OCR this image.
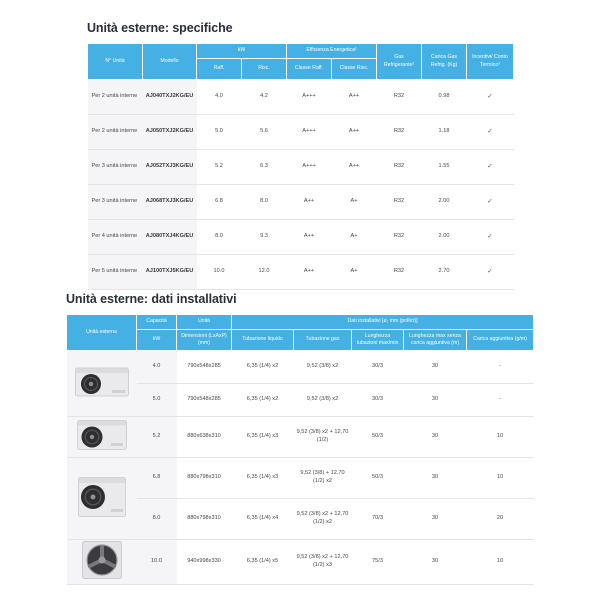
Unità esterne: specifiche
N° Unità	Modello	kW		Efficienza Energetica¹		Gas Refrigerante²	Carica Gas Refrig. (Kg)	Incentivi/ Conto Termico³
		Raff.	Risc.	Classe Raff.	Classe Risc.			
Per 2 unità interne	AJ040TXJ2KG/EU	4.0	4.2	A+++	A++	R32	0.98	✓
Per 2 unità interne	AJ050TXJ2KG/EU	5.0	5.6	A+++	A++	R32	1.18	✓
Per 3 unità interne	AJ052TXJ3KG/EU	5.2	6.3	A+++	A++	R32	1.55	✓
Per 3 unità interne	AJ068TXJ3KG/EU	6.8	8.0	A++	A+	R32	2.00	✓
Per 4 unità interne	AJ080TXJ4KG/EU	8.0	9.3	A++	A+	R32	2.00	✓
Per 5 unità interne	AJ100TXJ5KG/EU	10.0	12.0	A++	A+	R32	2.70	✓
Unità esterne: dati installativi
Unità esterna	Capacità	Unità	Dati installativi [ø, mm (pollici)]				
	kW	Dimensioni (LxAxP) (mm)	Tubazione liquido	Tubazione gas	Lunghezza tubazioni max/min	Lunghezza max senza carica aggiuntiva (m)	Carica aggiuntiva (g/m)
	4.0	790x548x285	6,35 (1/4) x2	9,52 (3/8) x2	30/3	30	-
	5.0	790x548x285	6,35 (1/4) x2	9,52 (3/8) x2	30/3	30	-
	5.2	880x638x310	6,35 (1/4) x3	9,52 (3/8) x2 + 12,70 (1/2)	50/3	30	10
	6.8	880x798x310	6,35 (1/4) x3	9,52 (3/8) + 12,70 (1/2) x2	50/3	30	10
	8.0	880x798x310	6,35 (1/4) x4	9,52 (3/8) x2 + 12,70 (1/2) x2	70/3	30	20
	10.0	940x998x330	6,35 (1/4) x5	9,52 (3/8) x2 + 12,70 (1/2) x3	75/3	30	10
